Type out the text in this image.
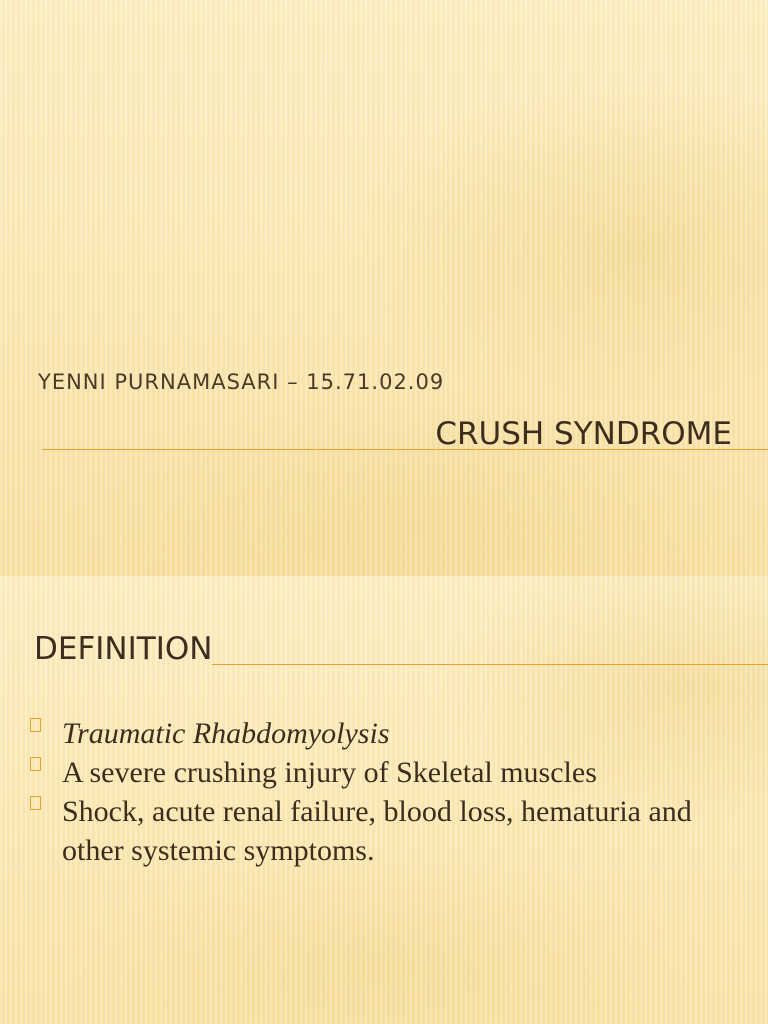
YENNI PURNAMASARI – 15.71.02.09
CRUSH SYNDROME
DEFINITION
Traumatic Rhabdomyolysis
A severe crushing injury of Skeletal muscles
Shock, acute renal failure, blood loss, hematuria and other systemic symptoms.
